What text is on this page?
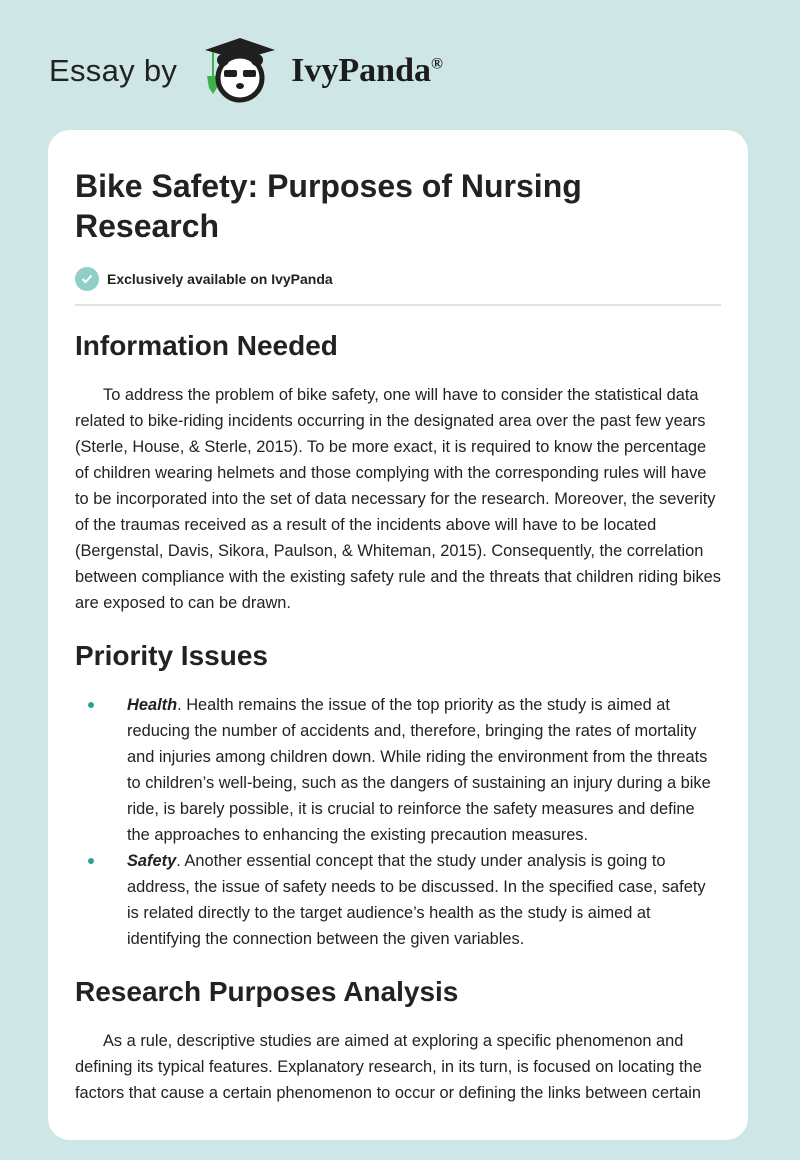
Essay by	IvyPanda®
Bike Safety: Purposes of Nursing Research
Exclusively available on IvyPanda
Information Needed

To address the problem of bike safety, one will have to consider the statistical data related to bike-riding incidents occurring in the designated area over the past few years (Sterle, House, & Sterle, 2015). To be more exact, it is required to know the percentage of children wearing helmets and those complying with the corresponding rules will have to be incorporated into the set of data necessary for the research. Moreover, the severity of the traumas received as a result of the incidents above will have to be located (Bergenstal, Davis, Sikora, Paulson, & Whiteman, 2015). Consequently, the correlation between compliance with the existing safety rule and the threats that children riding bikes are exposed to can be drawn.

Priority Issues
Health. Health remains the issue of the top priority as the study is aimed at reducing the number of accidents and, therefore, bringing the rates of mortality and injuries among children down. While riding the environment from the threats to children’s well-being, such as the dangers of sustaining an injury during a bike ride, is barely possible, it is crucial to reinforce the safety measures and define the approaches to enhancing the existing precaution measures.
Safety. Another essential concept that the study under analysis is going to address, the issue of safety needs to be discussed. In the specified case, safety is related directly to the target audience’s health as the study is aimed at identifying the connection between the given variables.
Research Purposes Analysis

As a rule, descriptive studies are aimed at exploring a specific phenomenon and defining its typical features. Explanatory research, in its turn, is focused on locating the factors that cause a certain phenomenon to occur or defining the links between certain
